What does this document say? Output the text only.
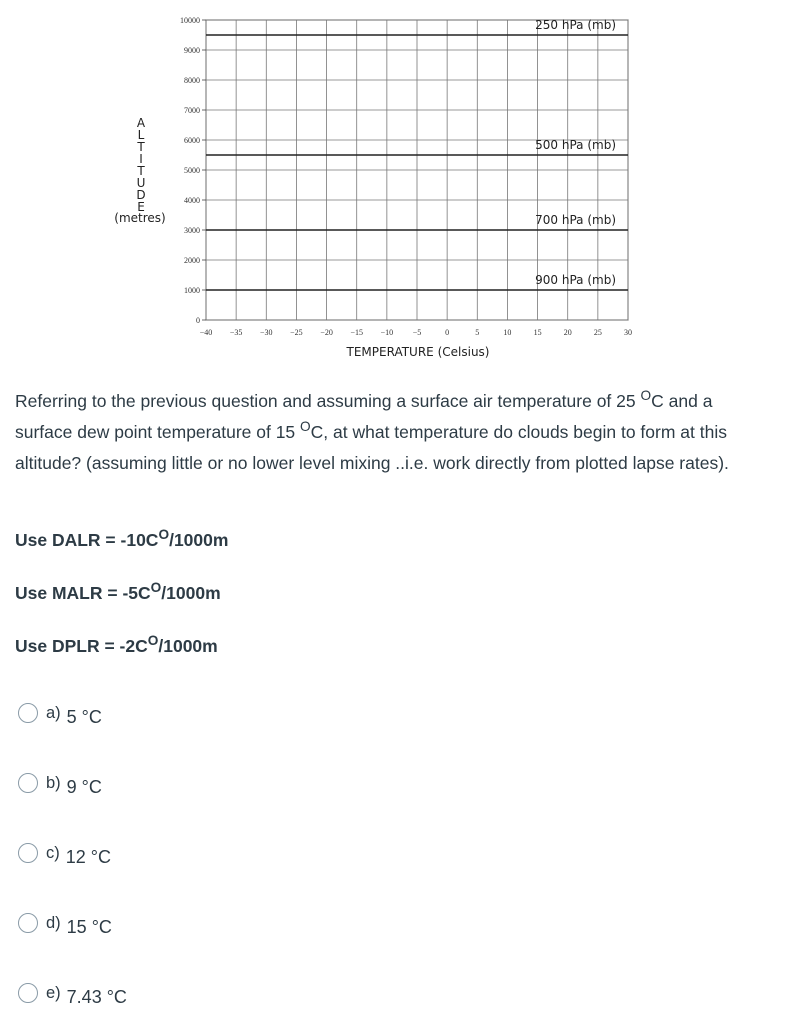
0
1000
2000
3000
4000
5000
6000
7000
8000
9000
10000
−40 −35 −30 −25 −20 −15 −10 −5	0	5	10	15	20	25	30
250 hPa (mb)
500 hPa (mb)
700 hPa (mb)
900 hPa (mb)
A
L
T
I
T
U
D
E
(metres)
TEMPERATURE (Celsius)

Referring to the previous question and assuming a surface air temperature of 25 $^O$C and a surface dew point temperature of 15 $^O$C, at what temperature do clouds begin to form at this altitude? (assuming little or no lower level mixing ..i.e. work directly from plotted lapse rates).

Use DALR = $-10C^O/1000m$
Use MALR = $-5C^O/1000m$
Use DPLR = $-2C^O/1000m$
a) 5 °C
b) 9 °C
c) 12 °C
d) 15 °C
e) 7.43 °C
